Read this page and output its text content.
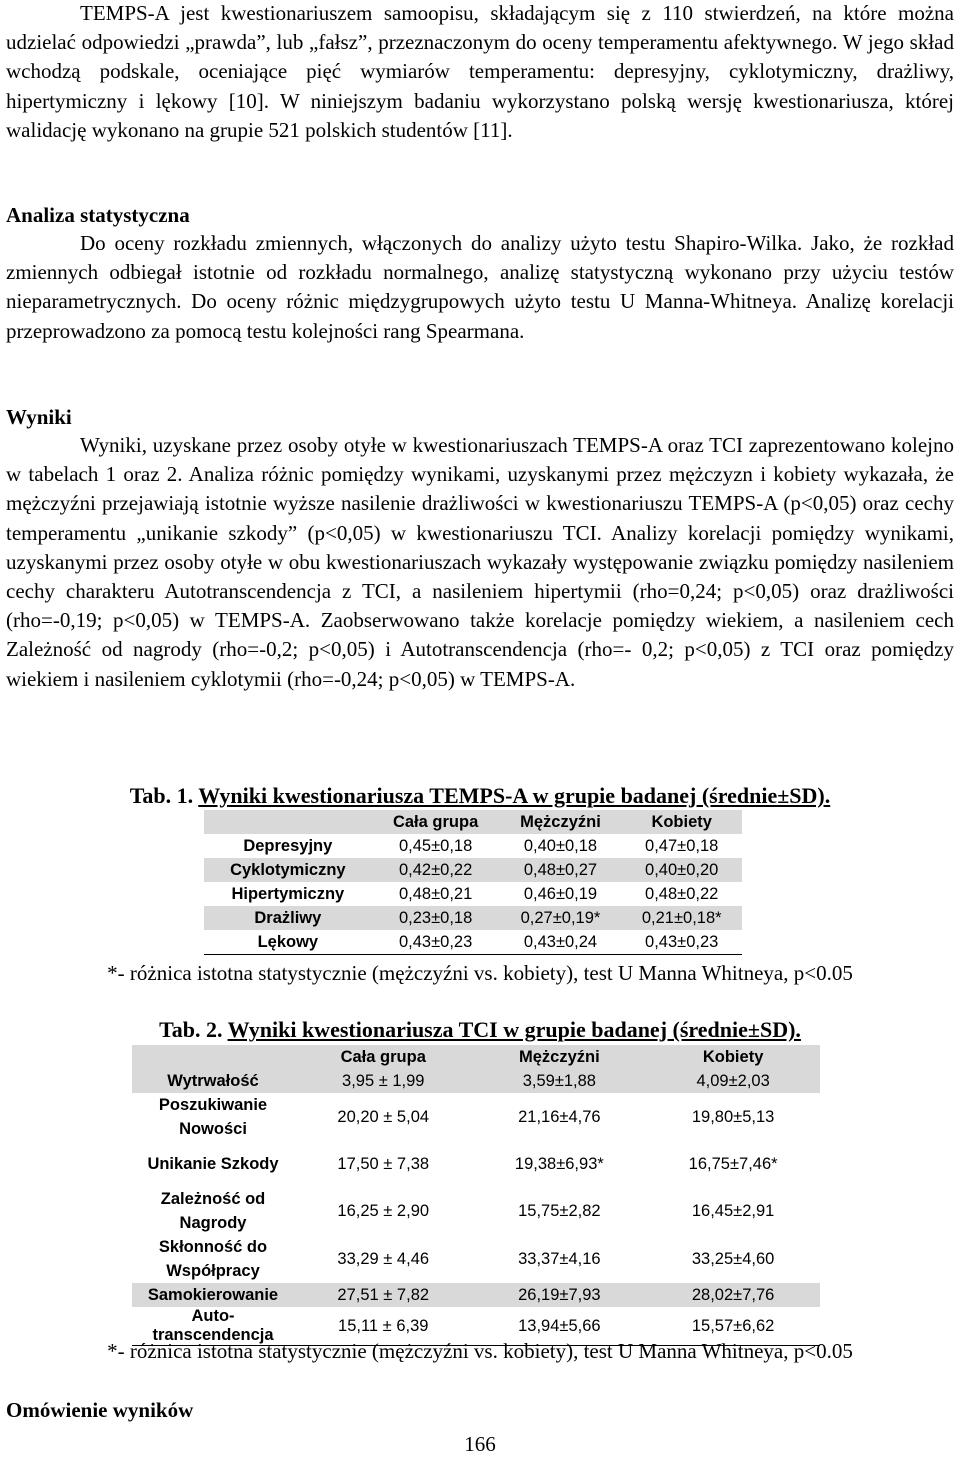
TEMPS-A jest kwestionariuszem samoopisu, składającym się z 110 stwierdzeń, na które można udzielać odpowiedzi „prawda”, lub „fałsz”, przeznaczonym do oceny temperamentu afektywnego. W jego skład wchodzą podskale, oceniające pięć wymiarów temperamentu: depresyjny, cyklotymiczny, drażliwy, hipertymiczny i lękowy [10]. W niniejszym badaniu wykorzystano polską wersję kwestionariusza, której walidację wykonano na grupie 521 polskich studentów [11].

Analiza statystyczna

Do oceny rozkładu zmiennych, włączonych do analizy użyto testu Shapiro-Wilka. Jako, że rozkład zmiennych odbiegał istotnie od rozkładu normalnego, analizę statystyczną wykonano przy użyciu testów nieparametrycznych. Do oceny różnic międzygrupowych użyto testu U Manna-Whitneya. Analizę korelacji przeprowadzono za pomocą testu kolejności rang Spearmana.

Wyniki

Wyniki, uzyskane przez osoby otyłe w kwestionariuszach TEMPS-A oraz TCI zaprezentowano kolejno w tabelach 1 oraz 2. Analiza różnic pomiędzy wynikami, uzyskanymi przez mężczyzn i kobiety wykazała, że mężczyźni przejawiają istotnie wyższe nasilenie drażliwości w kwestionariuszu TEMPS-A (p<0,05) oraz cechy temperamentu „unikanie szkody” (p<0,05) w kwestionariuszu TCI. Analizy korelacji pomiędzy wynikami, uzyskanymi przez osoby otyłe w obu kwestionariuszach wykazały występowanie związku pomiędzy nasileniem cechy charakteru Autotranscendencja z TCI, a nasileniem hipertymii (rho=0,24; p<0,05) oraz drażliwości (rho=-0,19; p<0,05) w TEMPS-A. Zaobserwowano także korelacje pomiędzy wiekiem, a nasileniem cech Zależność od nagrody (rho=-0,2; p<0,05) i Autotranscendencja (rho=- 0,2; p<0,05) z TCI oraz pomiędzy wiekiem i nasileniem cyklotymii (rho=-0,24; p<0,05) w TEMPS-A.

Tab. 1. Wyniki kwestionariusza TEMPS-A w grupie badanej (średnie±SD).
	Cała grupa	Mężczyźni	Kobiety
Depresyjny	0,45±0,18	0,40±0,18	0,47±0,18
Cyklotymiczny	0,42±0,22	0,48±0,27	0,40±0,20
Hipertymiczny	0,48±0,21	0,46±0,19	0,48±0,22
Drażliwy	0,23±0,18	0,27±0,19*	0,21±0,18*
Lękowy	0,43±0,23	0,43±0,24	0,43±0,23
*- różnica istotna statystycznie (mężczyźni vs. kobiety), test U Manna Whitneya, p<0.05
Tab. 2. Wyniki kwestionariusza TCI w grupie badanej (średnie±SD).
	Cała grupa	Mężczyźni	Kobiety
Wytrwałość	3,95 ± 1,99	3,59±1,88	4,09±2,03
Poszukiwanie Nowości	20,20 ± 5,04	21,16±4,76	19,80±5,13
Unikanie Szkody	17,50 ± 7,38	19,38±6,93*	16,75±7,46*
Zależność od Nagrody	16,25 ± 2,90	15,75±2,82	16,45±2,91
Skłonność do Współpracy	33,29 ± 4,46	33,37±4,16	33,25±4,60
Samokierowanie	27,51 ± 7,82	26,19±7,93	28,02±7,76
Auto-transcendencja	15,11 ± 6,39	13,94±5,66	15,57±6,62
*- różnica istotna statystycznie (mężczyźni vs. kobiety), test U Manna Whitneya, p<0.05
Omówienie wyników
166
